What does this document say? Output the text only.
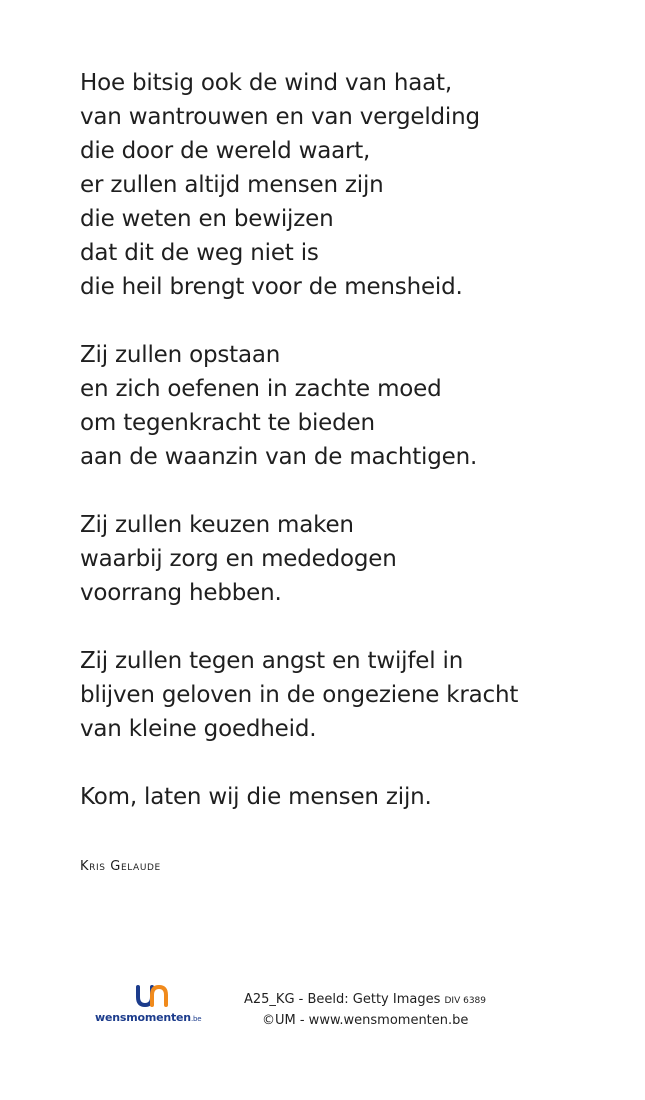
Hoe bitsig ook de wind van haat,
van wantrouwen en van vergelding
die door de wereld waart,
er zullen altijd mensen zijn
die weten en bewijzen
dat dit de weg niet is
die heil brengt voor de mensheid.
Zij zullen opstaan
en zich oefenen in zachte moed
om tegenkracht te bieden
aan de waanzin van de machtigen.
Zij zullen keuzen maken
waarbij zorg en mededogen
voorrang hebben.
Zij zullen tegen angst en twijfel in
blijven geloven in de ongeziene kracht
van kleine goedheid.
Kom, laten wij die mensen zijn.
Kris Gelaude
wensmomenten.be
A25_KG - Beeld: Getty Images DIV 6389
©UM - www.wensmomenten.be
